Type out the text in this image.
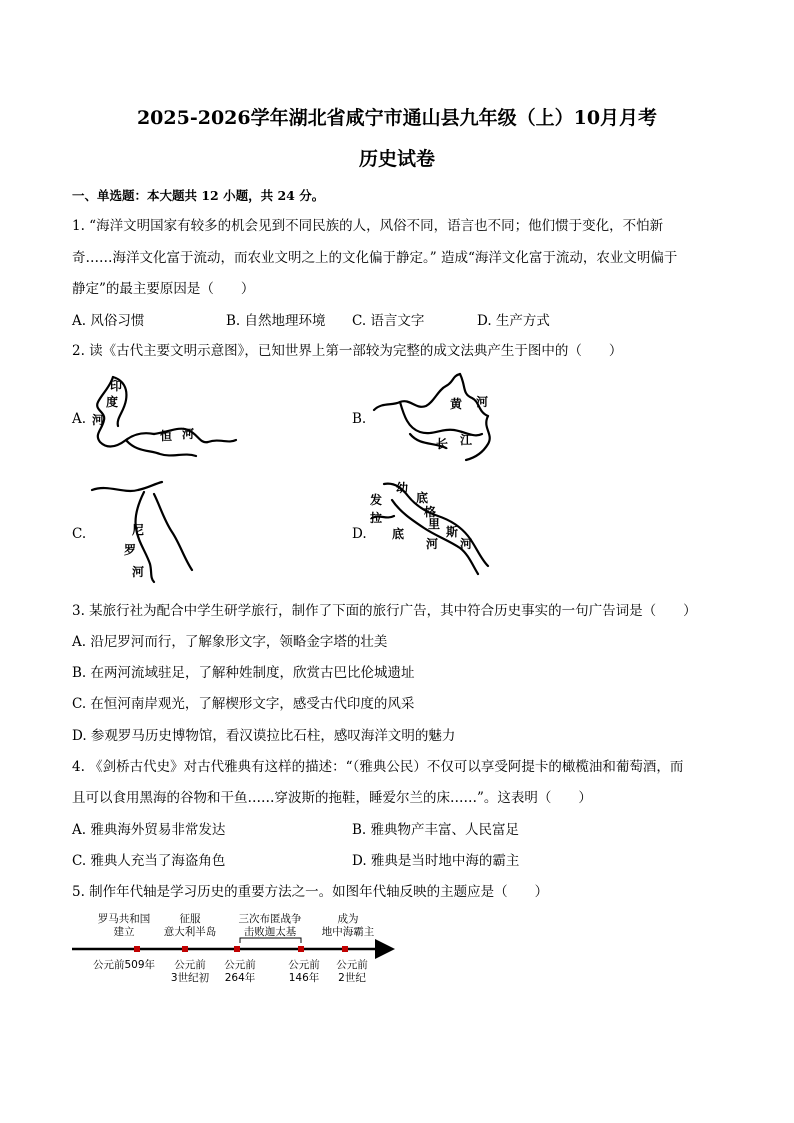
2025-2026学年湖北省咸宁市通山县九年级（上）10月月考
历史试卷
一、单选题：本大题共 12 小题，共 24 分。
1. “海洋文明国家有较多的机会见到不同民族的人，风俗不同，语言也不同；他们惯于变化，不怕新
奇……海洋文化富于流动，而农业文明之上的文化偏于静定。” 造成“海洋文化富于流动，农业文明偏于
静定”的最主要原因是（　　）
A. 风俗习惯	B. 自然地理环境 C. 语言文字	D. 生产方式
2. 读《古代主要文明示意图》，已知世界上第一部较为完整的成文法典产生于图中的（　　）
A.
印
度
河
恒 河
B.
黄 河
长 江
C.	尼
罗
河
D.
幼
发
拉
底
底
格
里
斯
河 河
3. 某旅行社为配合中学生研学旅行，制作了下面的旅行广告，其中符合历史事实的一句广告词是（　　）
A. 沿尼罗河而行，了解象形文字，领略金字塔的壮美
B. 在两河流域驻足，了解种姓制度，欣赏古巴比伦城遗址
C. 在恒河南岸观光，了解楔形文字，感受古代印度的风采
D. 参观罗马历史博物馆，看汉谟拉比石柱，感叹海洋文明的魅力
4. 《剑桥古代史》对古代雅典有这样的描述：“（雅典公民）不仅可以享受阿提卡的橄榄油和葡萄酒，而
且可以食用黑海的谷物和干鱼……穿波斯的拖鞋，睡爱尔兰的床……”。这表明（　　）
A. 雅典海外贸易非常发达	B. 雅典物产丰富、人民富足
C. 雅典人充当了海盗角色	D. 雅典是当时地中海的霸主
5. 制作年代轴是学习历史的重要方法之一。如图年代轴反映的主题应是（　　）
罗马共和国
建立
征服
意大利半岛
三次布匿战争
击败迦太基
成为
地中海霸主
公元前509年 公元前
3世纪初
公元前
264年
公元前
146年
公元前
2世纪
